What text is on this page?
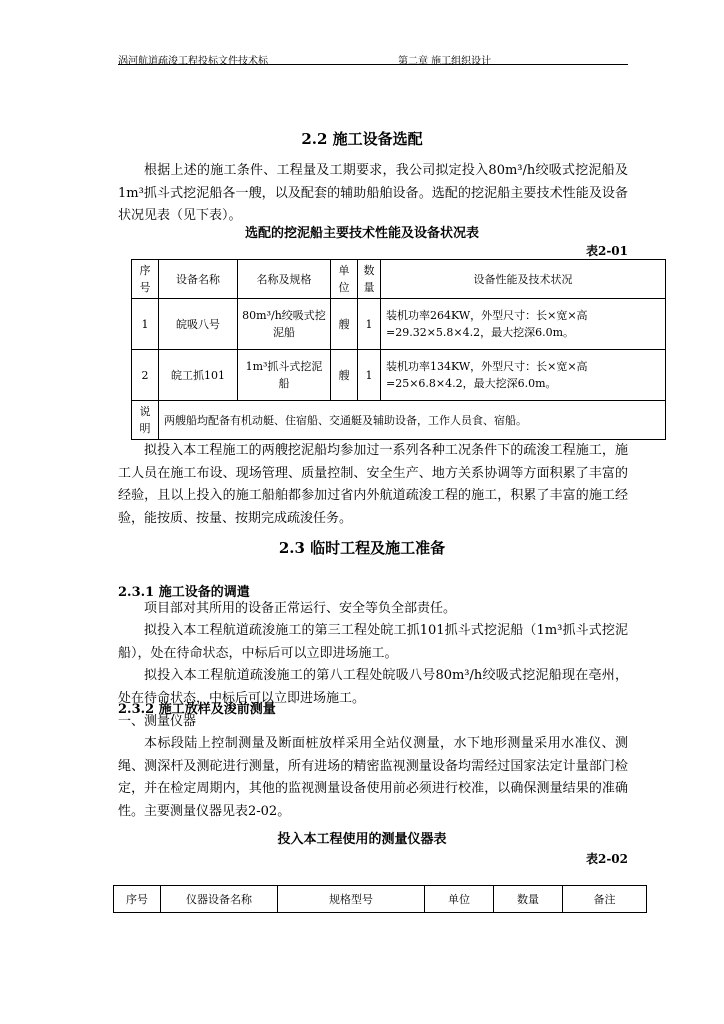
涡河航道疏浚工程投标文件技术标	第二章 施工组织设计
2.2 施工设备选配

根据上述的施工条件、工程量及工期要求，我公司拟定投入80m³/h绞吸式挖泥船及1m³抓斗式挖泥船各一艘，以及配套的辅助船舶设备。选配的挖泥船主要技术性能及设备状况见表（见下表）。

选配的挖泥船主要技术性能及设备状况表
表2-01
序号	设备名称	名称及规格	单位	数量	设备性能及技术状况
1	皖吸八号	80m³/h绞吸式挖泥船	艘	1	装机功率264KW，外型尺寸：长×宽×高=29.32×5.8×4.2，最大挖深6.0m。
2	皖工抓101	1m³抓斗式挖泥船	艘	1	装机功率134KW，外型尺寸：长×宽×高=25×6.8×4.2，最大挖深6.0m。
说明	两艘船均配备有机动艇、住宿船、交通艇及辅助设备，工作人员食、宿船。				

拟投入本工程施工的两艘挖泥船均参加过一系列各种工况条件下的疏浚工程施工，施工人员在施工布设、现场管理、质量控制、安全生产、地方关系协调等方面积累了丰富的经验，且以上投入的施工船舶都参加过省内外航道疏浚工程的施工，积累了丰富的施工经验，能按质、按量、按期完成疏浚任务。

2.3 临时工程及施工准备
2.3.1 施工设备的调遣

项目部对其所用的设备正常运行、安全等负全部责任。

拟投入本工程航道疏浚施工的第三工程处皖工抓101抓斗式挖泥船（1m³抓斗式挖泥船），处在待命状态，中标后可以立即进场施工。

拟投入本工程航道疏浚施工的第八工程处皖吸八号80m³/h绞吸式挖泥船现在亳州，处在待命状态，中标后可以立即进场施工。

2.3.2 施工放样及浚前测量

一、测量仪器

本标段陆上控制测量及断面桩放样采用全站仪测量，水下地形测量采用水准仪、测绳、测深杆及测砣进行测量，所有进场的精密监视测量设备均需经过国家法定计量部门检定，并在检定周期内，其他的监视测量设备使用前必须进行校准，以确保测量结果的准确性。主要测量仪器见表2-02。

投入本工程使用的测量仪器表
表2-02
序号	仪器设备名称	规格型号	单位	数量	备注
